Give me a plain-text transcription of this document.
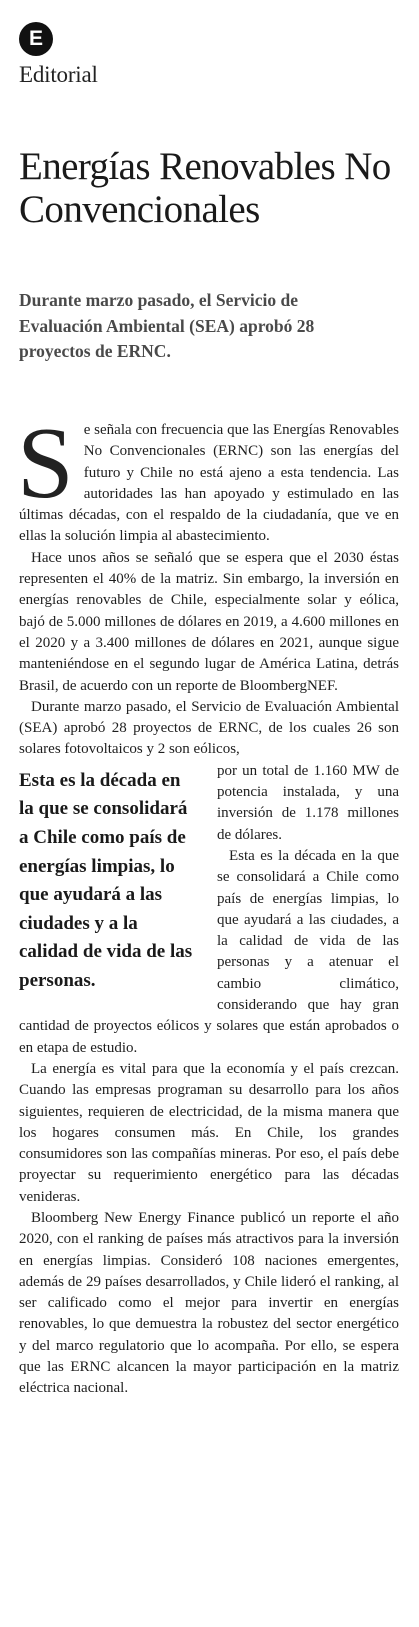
E
Editorial
Energías Renovables No Convencionales
Durante marzo pasado, el Servicio de Evaluación Ambiental (SEA) aprobó 28 proyectos de ERNC.

Se señala con frecuencia que las Energías Renovables No Convencionales (ERNC) son las energías del futuro y Chile no está ajeno a esta tendencia. Las autoridades las han apoyado y estimulado en las últimas décadas, con el respaldo de la ciudadanía, que ve en ellas la solución limpia al abastecimiento.

Hace unos años se señaló que se espera que el 2030 éstas representen el 40% de la matriz. Sin embargo, la inversión en energías renovables de Chile, especialmente solar y eólica, bajó de 5.000 millones de dólares en 2019, a 4.600 millones en el 2020 y a 3.400 millones de dólares en 2021, aunque sigue manteniéndose en el segundo lugar de América Latina, detrás Brasil, de acuerdo con un reporte de BloombergNEF.

Durante marzo pasado, el Servicio de Evaluación Ambiental (SEA) aprobó 28 proyectos de ERNC, de los cuales 26 son solares fotovoltaicos y 2 son eólicos,

Esta es la década en la que se consolidará a Chile como país de energías limpias, lo que ayudará a las ciudades y a la calidad de vida de las personas.

por un total de 1.160 MW de potencia instalada, y una inversión de 1.178 millones de dólares.

Esta es la década en la que se consolidará a Chile como país de energías limpias, lo que ayudará a las ciudades, a la calidad de vida de las personas y a atenuar el cambio climático, considerando que hay gran cantidad de proyectos eólicos y solares que están aprobados o en etapa de estudio.

La energía es vital para que la economía y el país crezcan. Cuando las empresas programan su desarrollo para los años siguientes, requieren de electricidad, de la misma manera que los hogares consumen más. En Chile, los grandes consumidores son las compañías mineras. Por eso, el país debe proyectar su requerimiento energético para las décadas venideras.

Bloomberg New Energy Finance publicó un reporte el año 2020, con el ranking de países más atractivos para la inversión en energías limpias. Consideró 108 naciones emergentes, además de 29 países desarrollados, y Chile lideró el ranking, al ser calificado como el mejor para invertir en energías renovables, lo que demuestra la robustez del sector energético y del marco regulatorio que lo acompaña. Por ello, se espera que las ERNC alcancen la mayor participación en la matriz eléctrica nacional.
